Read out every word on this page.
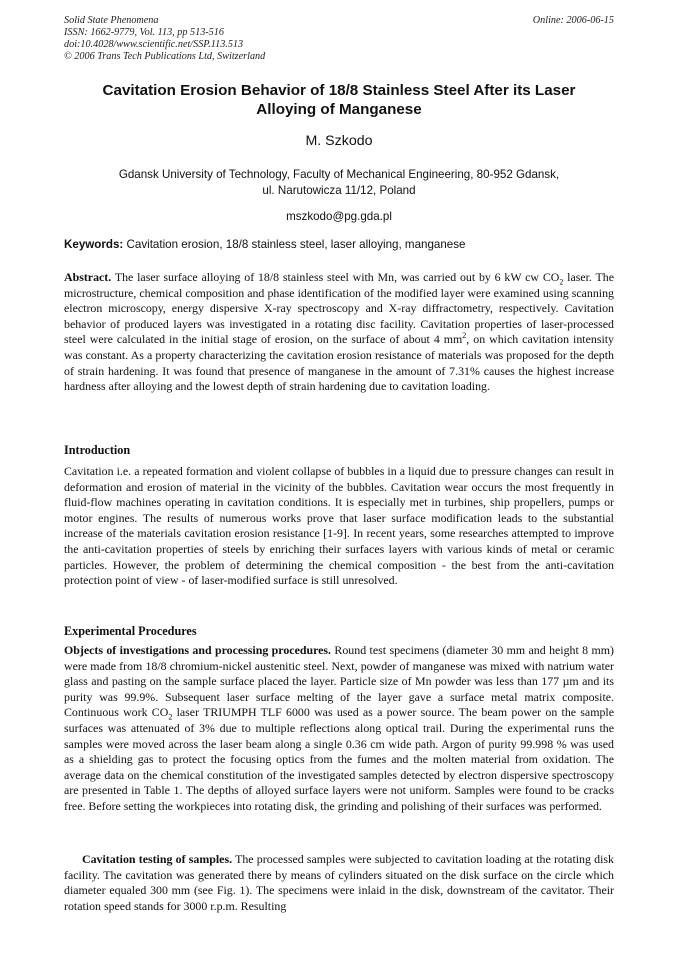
Solid State Phenomena
ISSN: 1662-9779, Vol. 113, pp 513-516
doi:10.4028/www.scientific.net/SSP.113.513
© 2006 Trans Tech Publications Ltd, Switzerland
Online: 2006-06-15
Cavitation Erosion Behavior of 18/8 Stainless Steel After its Laser
Alloying of Manganese
M. Szkodo
Gdansk University of Technology, Faculty of Mechanical Engineering, 80-952 Gdansk,
ul. Narutowicza 11/12, Poland
mszkodo@pg.gda.pl
Keywords: Cavitation erosion, 18/8 stainless steel, laser alloying, manganese
Abstract. The laser surface alloying of 18/8 stainless steel with Mn, was carried out by 6 kW cw $CO_2$ laser. The microstructure, chemical composition and phase identification of the modified layer were examined using scanning electron microscopy, energy dispersive X-ray spectroscopy and X-ray diffractometry, respectively. Cavitation behavior of produced layers was investigated in a rotating disc facility. Cavitation properties of laser-processed steel were calculated in the initial stage of erosion, on the surface of about 4 $mm^2$, on which cavitation intensity was constant. As a property characterizing the cavitation erosion resistance of materials was proposed for the depth of strain hardening. It was found that presence of manganese in the amount of 7.31% causes the highest increase hardness after alloying and the lowest depth of strain hardening due to cavitation loading.
Introduction
Cavitation i.e. a repeated formation and violent collapse of bubbles in a liquid due to pressure changes can result in deformation and erosion of material in the vicinity of the bubbles. Cavitation wear occurs the most frequently in fluid-flow machines operating in cavitation conditions. It is especially met in turbines, ship propellers, pumps or motor engines. The results of numerous works prove that laser surface modification leads to the substantial increase of the materials cavitation erosion resistance [1-9]. In recent years, some researches attempted to improve the anti-cavitation properties of steels by enriching their surfaces layers with various kinds of metal or ceramic particles. However, the problem of determining the chemical composition - the best from the anti-cavitation protection point of view - of laser-modified surface is still unresolved.
Experimental Procedures
Objects of investigations and processing procedures. Round test specimens (diameter 30 mm and height 8 mm) were made from 18/8 chromium-nickel austenitic steel. Next, powder of manganese was mixed with natrium water glass and pasting on the sample surface placed the layer. Particle size of Mn powder was less than 177 µm and its purity was 99.9%. Subsequent laser surface melting of the layer gave a surface metal matrix composite. Continuous work $CO_2$ laser TRIUMPH TLF 6000 was used as a power source. The beam power on the sample surfaces was attenuated of 3% due to multiple reflections along optical trail. During the experimental runs the samples were moved across the laser beam along a single 0.36 cm wide path. Argon of purity 99.998 % was used as a shielding gas to protect the focusing optics from the fumes and the molten material from oxidation. The average data on the chemical constitution of the investigated samples detected by electron dispersive spectroscopy are presented in Table 1. The depths of alloyed surface layers were not uniform. Samples were found to be cracks free. Before setting the workpieces into rotating disk, the grinding and polishing of their surfaces was performed.
Cavitation testing of samples. The processed samples were subjected to cavitation loading at the rotating disk facility. The cavitation was generated there by means of cylinders situated on the disk surface on the circle which diameter equaled 300 mm (see Fig. 1). The specimens were inlaid in the disk, downstream of the cavitator. Their rotation speed stands for 3000 r.p.m. Resulting
